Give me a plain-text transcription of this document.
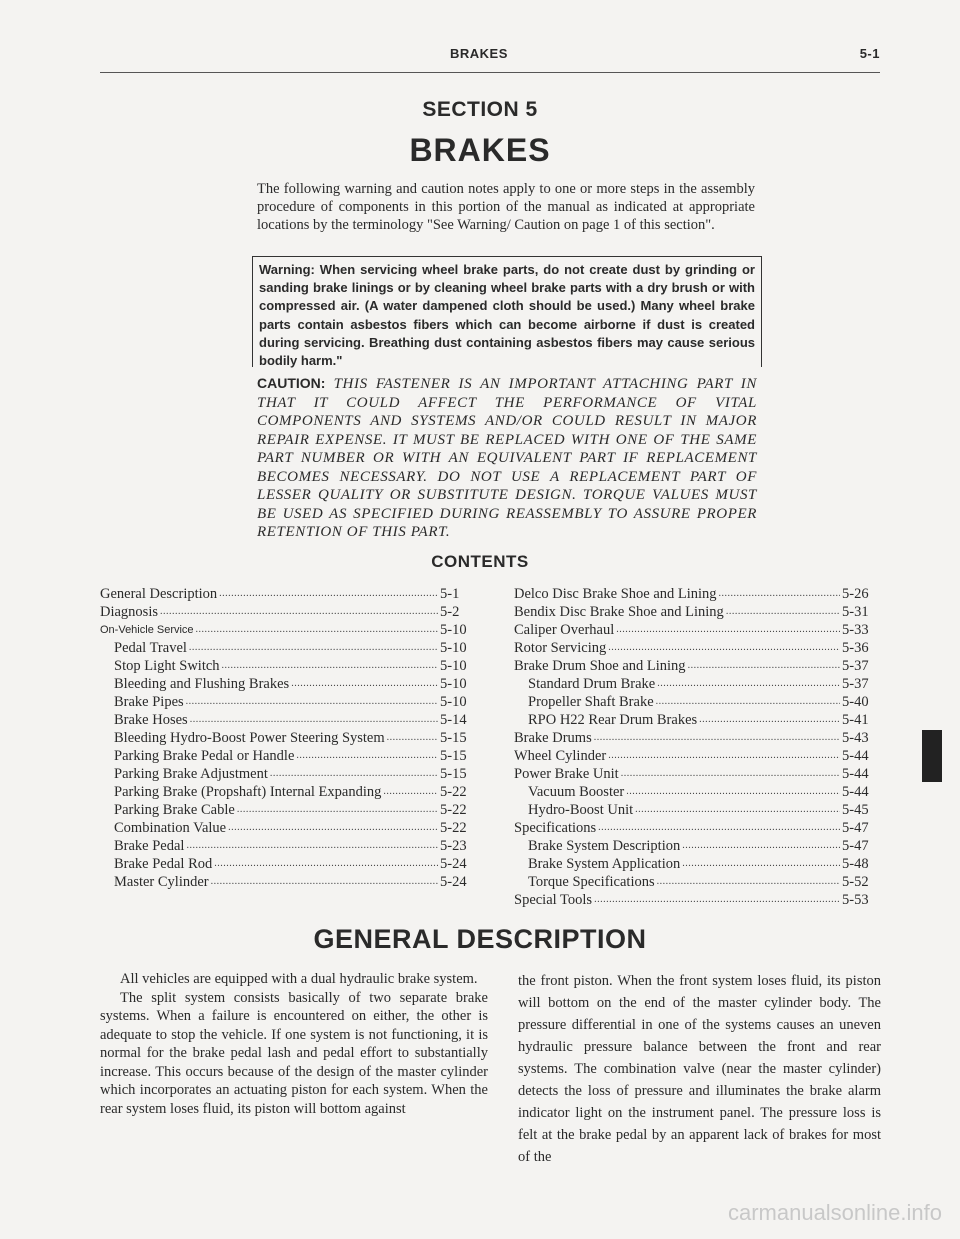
BRAKES	5-1
SECTION 5
BRAKES

The following warning and caution notes apply to one or more steps in the assembly procedure of components in this portion of the manual as indicated at appropriate locations by the terminology "See Warning/ Caution on page 1 of this section".

Warning: When servicing wheel brake parts, do not create dust by grinding or sanding brake linings or by cleaning wheel brake parts with a dry brush or with compressed air. (A water dampened cloth should be used.) Many wheel brake parts contain asbestos fibers which can become airborne if dust is created during servicing. Breathing dust containing asbestos fibers may cause serious bodily harm."

CAUTION: THIS FASTENER IS AN IMPORTANT ATTACHING PART IN THAT IT COULD AFFECT THE PERFORMANCE OF VITAL COMPONENTS AND SYSTEMS AND/OR COULD RESULT IN MAJOR REPAIR EXPENSE. IT MUST BE REPLACED WITH ONE OF THE SAME PART NUMBER OR WITH AN EQUIVALENT PART IF REPLACEMENT BECOMES NECESSARY. DO NOT USE A REPLACEMENT PART OF LESSER QUALITY OR SUBSTITUTE DESIGN. TORQUE VALUES MUST BE USED AS SPECIFIED DURING REASSEMBLY TO ASSURE PROPER RETENTION OF THIS PART.

CONTENTS
General Description .....	5-1
Diagnosis .....	5-2
On-Vehicle Service .....	5-10
Pedal Travel .....	5-10
Stop Light Switch .....	5-10
Bleeding and Flushing Brakes .....	5-10
Brake Pipes .....	5-10
Brake Hoses .....	5-14
Bleeding Hydro-Boost Power Steering System .....	5-15
Parking Brake Pedal or Handle .....	5-15
Parking Brake Adjustment .....	5-15
Parking Brake (Propshaft) Internal Expanding .....	5-22
Parking Brake Cable .....	5-22
Combination Value .....	5-22
Brake Pedal .....	5-23
Brake Pedal Rod .....	5-24
Master Cylinder .....	5-24
Delco Disc Brake Shoe and Lining .....	5-26
Bendix Disc Brake Shoe and Lining .....	5-31
Caliper Overhaul .....	5-33
Rotor Servicing .....	5-36
Brake Drum Shoe and Lining .....	5-37
Standard Drum Brake .....	5-37
Propeller Shaft Brake .....	5-40
RPO H22 Rear Drum Brakes .....	5-41
Brake Drums .....	5-43
Wheel Cylinder .....	5-44
Power Brake Unit .....	5-44
Vacuum Booster .....	5-44
Hydro-Boost Unit .....	5-45
Specifications .....	5-47
Brake System Description .....	5-47
Brake System Application .....	5-48
Torque Specifications .....	5-52
Special Tools .....	5-53
GENERAL DESCRIPTION

All vehicles are equipped with a dual hydraulic brake system.

The split system consists basically of two separate brake systems. When a failure is encountered on either, the other is adequate to stop the vehicle. If one system is not functioning, it is normal for the brake pedal lash and pedal effort to substantially increase. This occurs because of the design of the master cylinder which incorporates an actuating piston for each system. When the rear system loses fluid, its piston will bottom against

the front piston. When the front system loses fluid, its piston will bottom on the end of the master cylinder body. The pressure differential in one of the systems causes an uneven hydraulic pressure balance between the front and rear systems. The combination valve (near the master cylinder) detects the loss of pressure and illuminates the brake alarm indicator light on the instrument panel. The pressure loss is felt at the brake pedal by an apparent lack of brakes for most of the

carmanualsonline.info
